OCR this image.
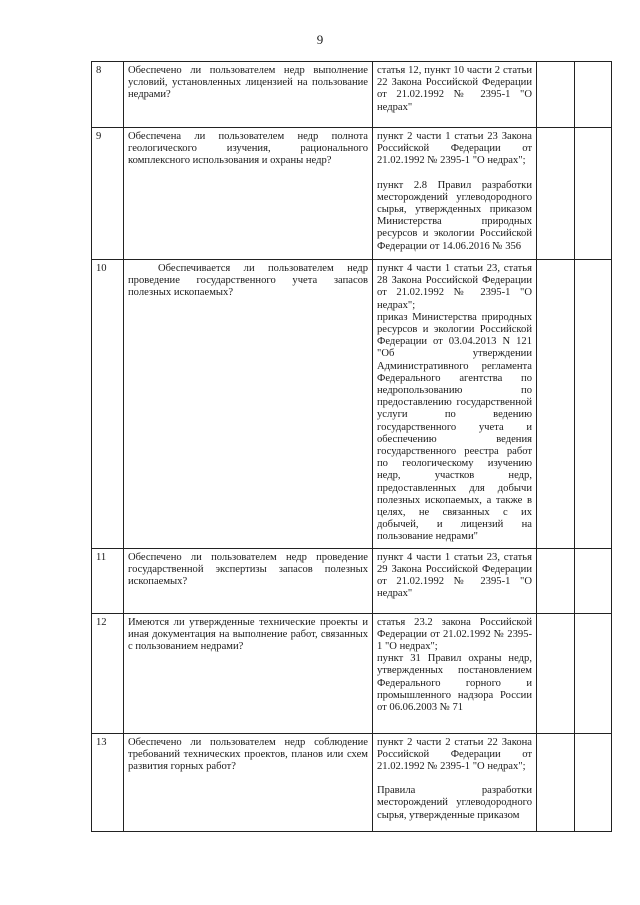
9
8	Обеспечено ли пользователем недр выполнение условий, установленных лицензией на пользование недрами?	статья 12, пункт 10 части 2 статьи 22 Закона Российской Федерации от 21.02.1992 № 2395-1 "О недрах"		

9	Обеспечена ли пользователем недр полнота геологического изучения, рационального комплексного использования и охраны недр?	пункт 2 части 1 статьи 23 Закона Российской Федерации от 21.02.1992 № 2395-1 "О недрах";
пункт 2.8 Правил разработки месторождений углеводородного сырья, утвержденных приказом Министерства природных ресурсов и экологии Российской Федерации от 14.06.2016 № 356		

10	Обеспечивается ли пользователем недр проведение государственного учета запасов полезных ископаемых?	пункт 4 части 1 статьи 23, статья 28 Закона Российской Федерации от 21.02.1992 № 2395-1 "О недрах";
приказ Министерства природных ресурсов и экологии Российской Федерации от 03.04.2013 N 121 "Об утверждении Административного регламента Федерального агентства по недропользованию по предоставлению государственной услуги по ведению государственного учета и обеспечению ведения государственного реестра работ по геологическому изучению недр, участков недр, предоставленных для добычи полезных ископаемых, а также в целях, не связанных с их добычей, и лицензий на пользование недрами"		

11	Обеспечено ли пользователем недр проведение государственной экспертизы запасов полезных ископаемых?	пункт 4 части 1 статьи 23, статья 29 Закона Российской Федерации от 21.02.1992 № 2395-1 "О недрах"		

12	Имеются ли утвержденные технические проекты и иная документация на выполнение работ, связанных с пользованием недрами?	статья 23.2 закона Российской Федерации от 21.02.1992 № 2395-1 "О недрах";
пункт 31 Правил охраны недр, утвержденных постановлением Федерального горного и промышленного надзора России от 06.06.2003 № 71		

13	Обеспечено ли пользователем недр соблюдение требований технических проектов, планов или схем развития горных работ?	пункт 2 части 2 статьи 22 Закона Российской Федерации от 21.02.1992 № 2395-1 "О недрах";
Правила разработки месторождений углеводородного сырья, утвержденные приказом		
